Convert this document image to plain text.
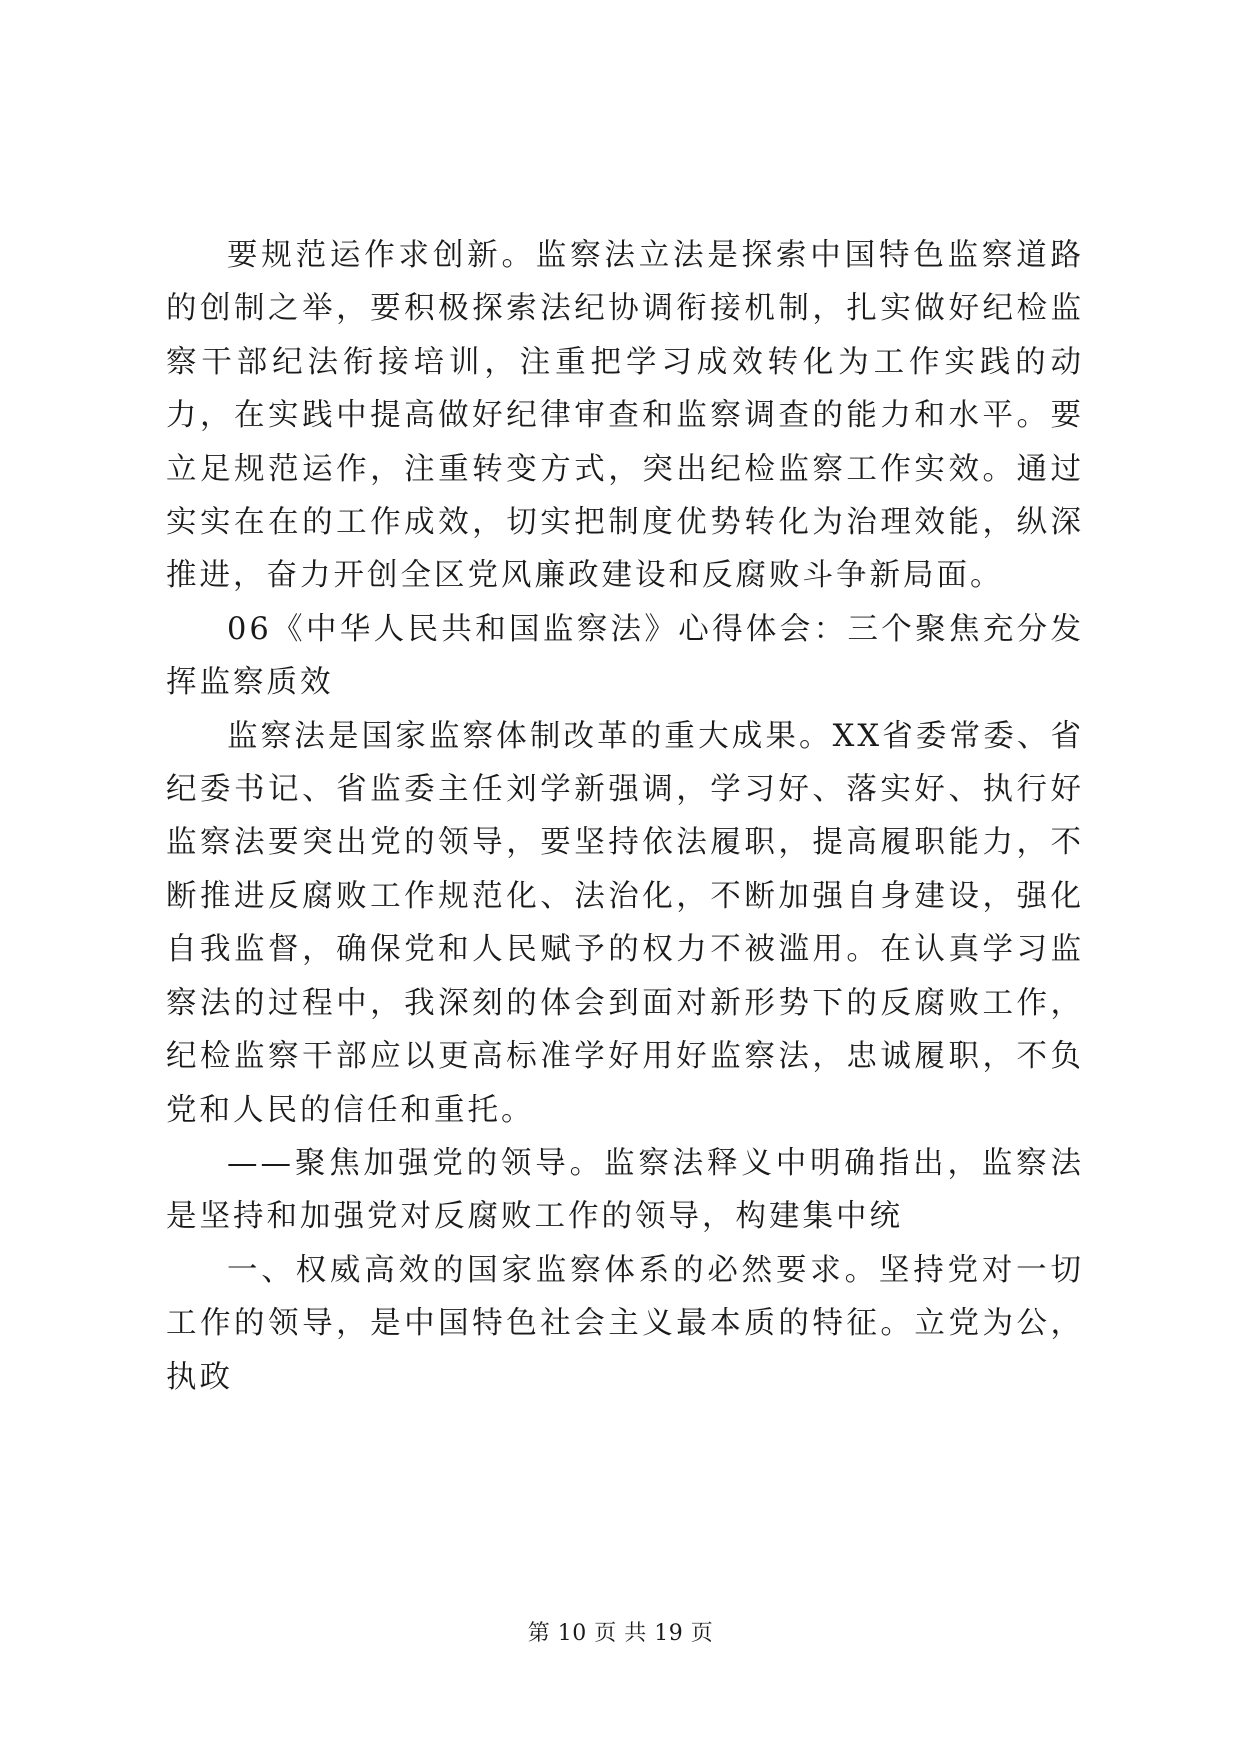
要规范运作求创新。监察法立法是探索中国特色监察道路的创制之举，要积极探索法纪协调衔接机制，扎实做好纪检监察干部纪法衔接培训，注重把学习成效转化为工作实践的动力，在实践中提高做好纪律审查和监察调查的能力和水平。要立足规范运作，注重转变方式，突出纪检监察工作实效。通过实实在在的工作成效，切实把制度优势转化为治理效能，纵深推进，奋力开创全区党风廉政建设和反腐败斗争新局面。

06《中华人民共和国监察法》心得体会：三个聚焦充分发挥监察质效

监察法是国家监察体制改革的重大成果。XX省委常委、省纪委书记、省监委主任刘学新强调，学习好、落实好、执行好监察法要突出党的领导，要坚持依法履职，提高履职能力，不断推进反腐败工作规范化、法治化，不断加强自身建设，强化自我监督，确保党和人民赋予的权力不被滥用。在认真学习监察法的过程中，我深刻的体会到面对新形势下的反腐败工作，纪检监察干部应以更高标准学好用好监察法，忠诚履职，不负党和人民的信任和重托。

——聚焦加强党的领导。监察法释义中明确指出，监察法是坚持和加强党对反腐败工作的领导，构建集中统

一、权威高效的国家监察体系的必然要求。坚持党对一切工作的领导，是中国特色社会主义最本质的特征。立党为公，执政

第 10 页 共 19 页
